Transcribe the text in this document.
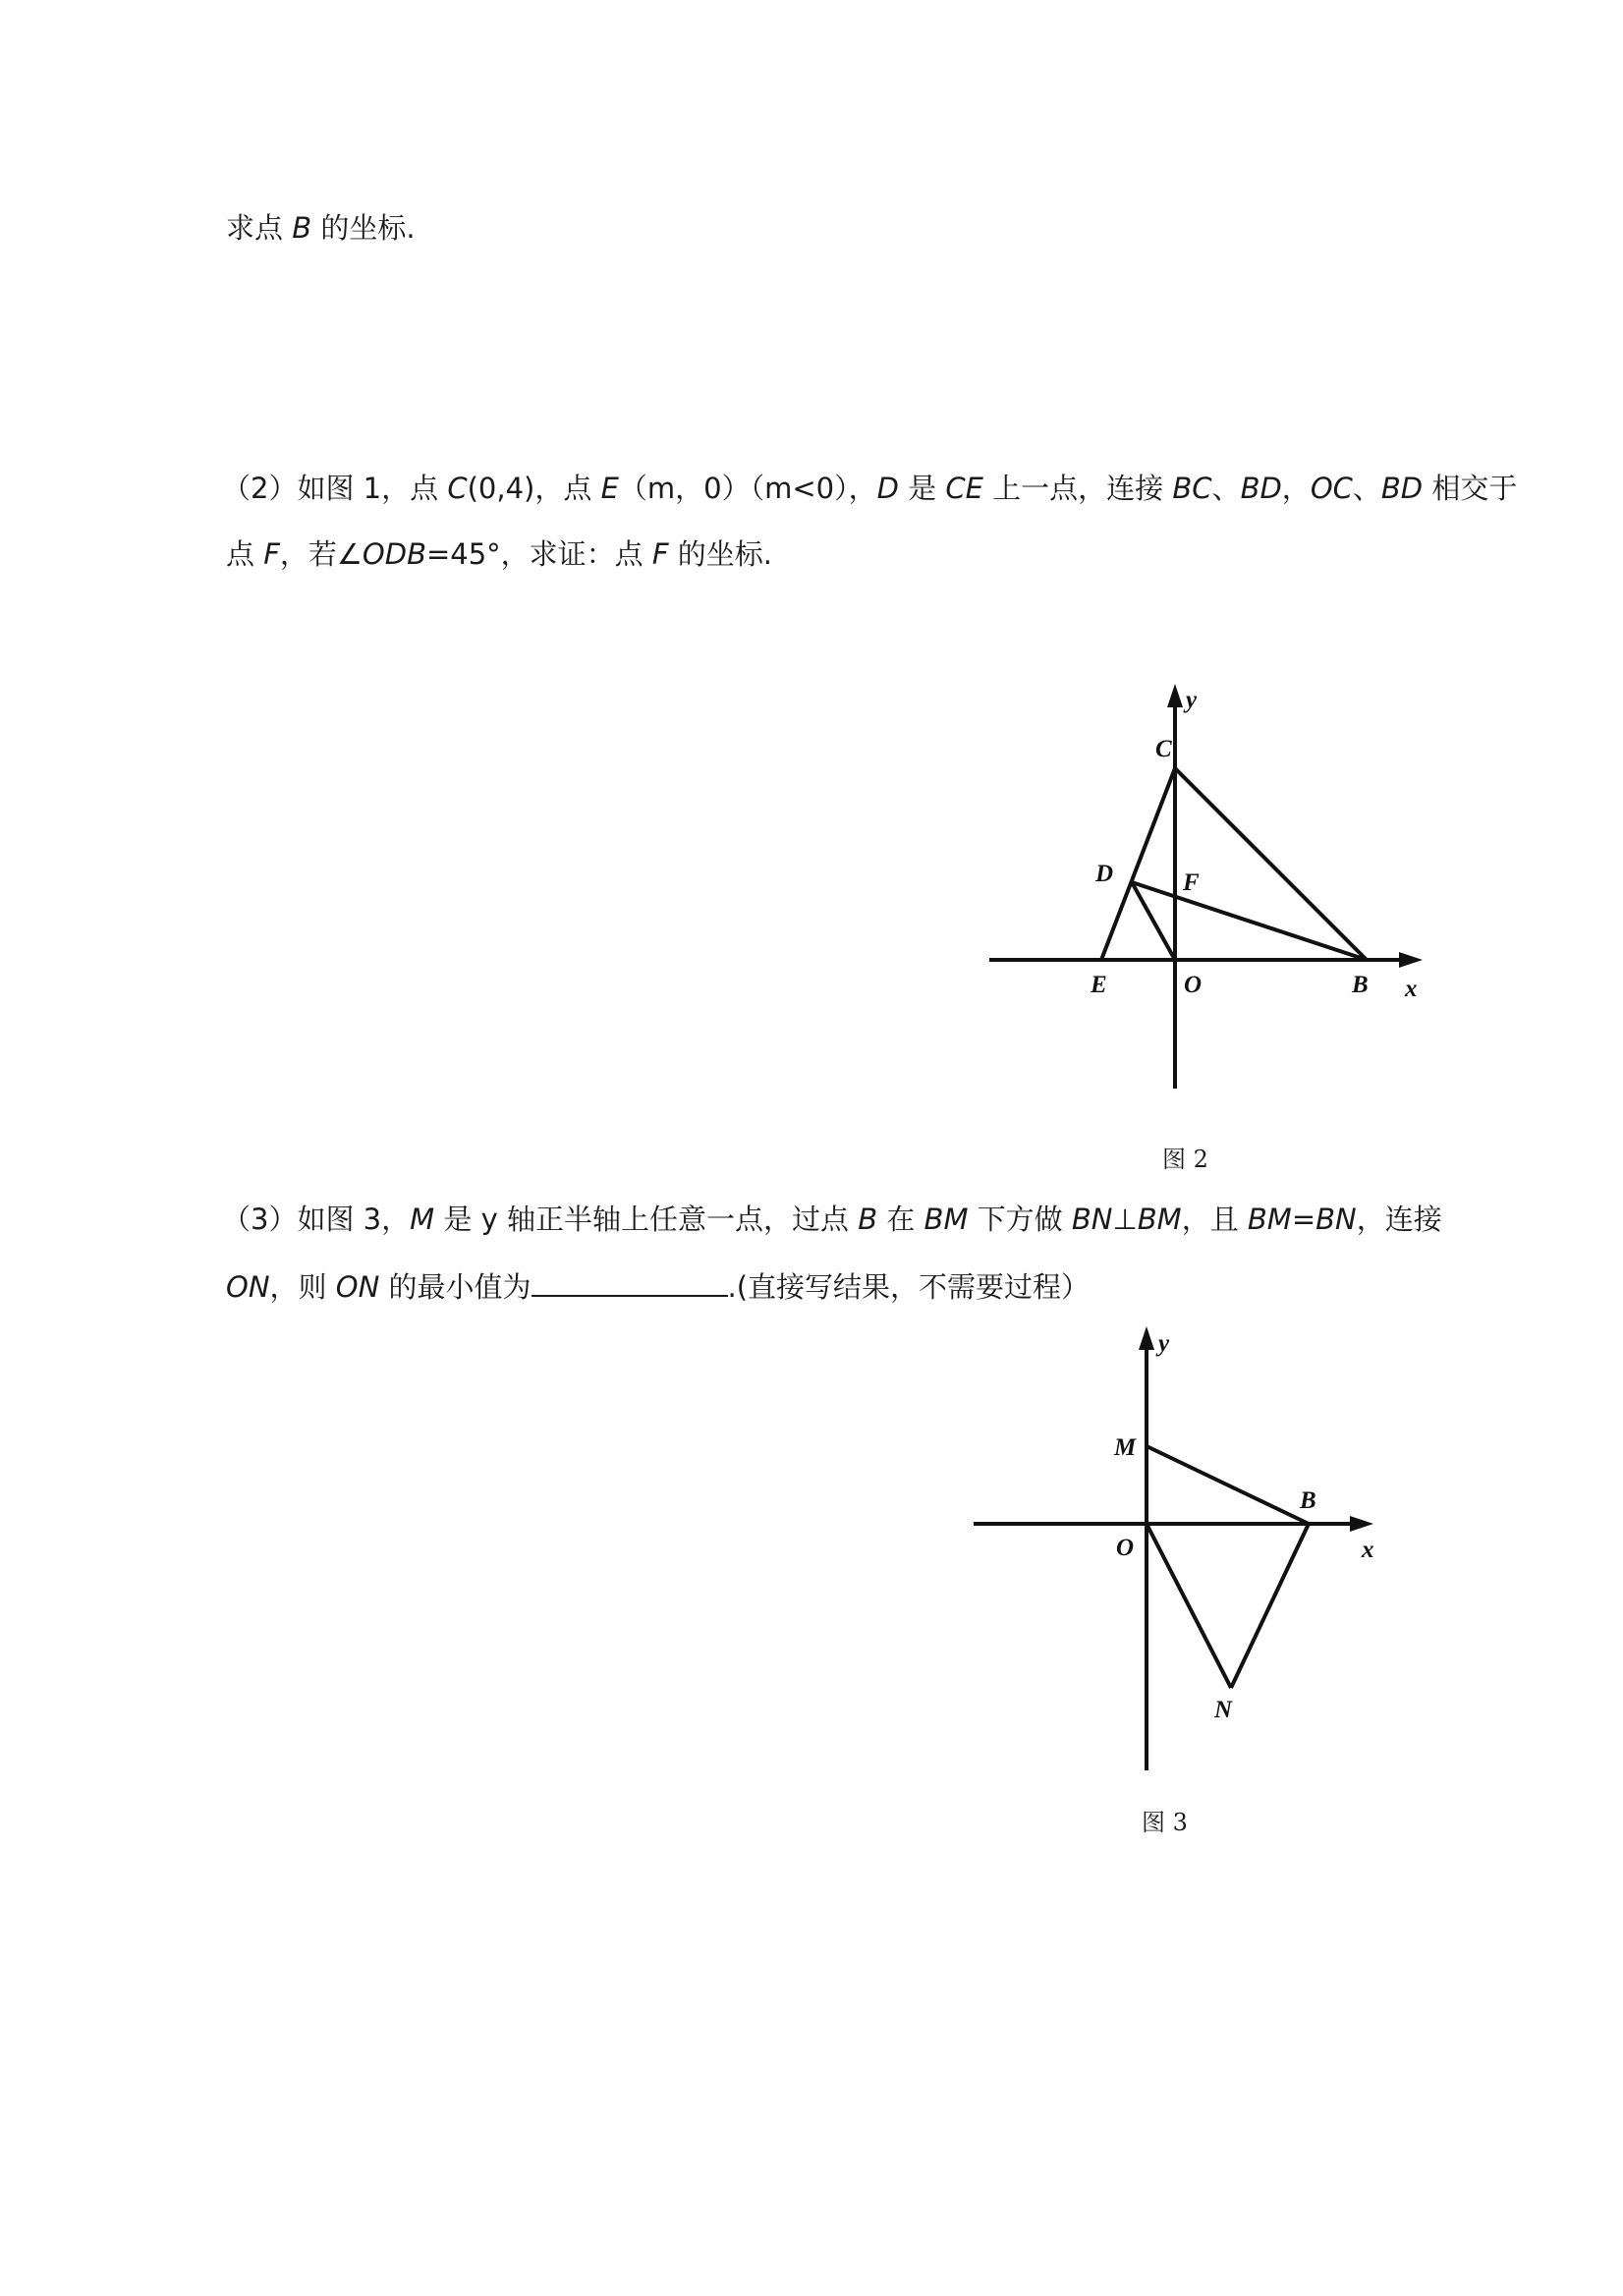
求点 B 的坐标.
（2）如图 1，点 C(0,4)，点 E（m，0）（m<0），D 是 CE 上一点，连接 BC、BD，OC、BD 相交于
点 F，若∠ODB=45°，求证：点 F 的坐标.
y
C
D	F
E	O	B x
图 2
（3）如图 3，M 是 y 轴正半轴上任意一点，过点 B 在 BM 下方做 BN⊥BM，且 BM=BN，连接
ON，则 ON 的最小值为	.(直接写结果，不需要过程）
y
M
B
O	x
N
图 3
